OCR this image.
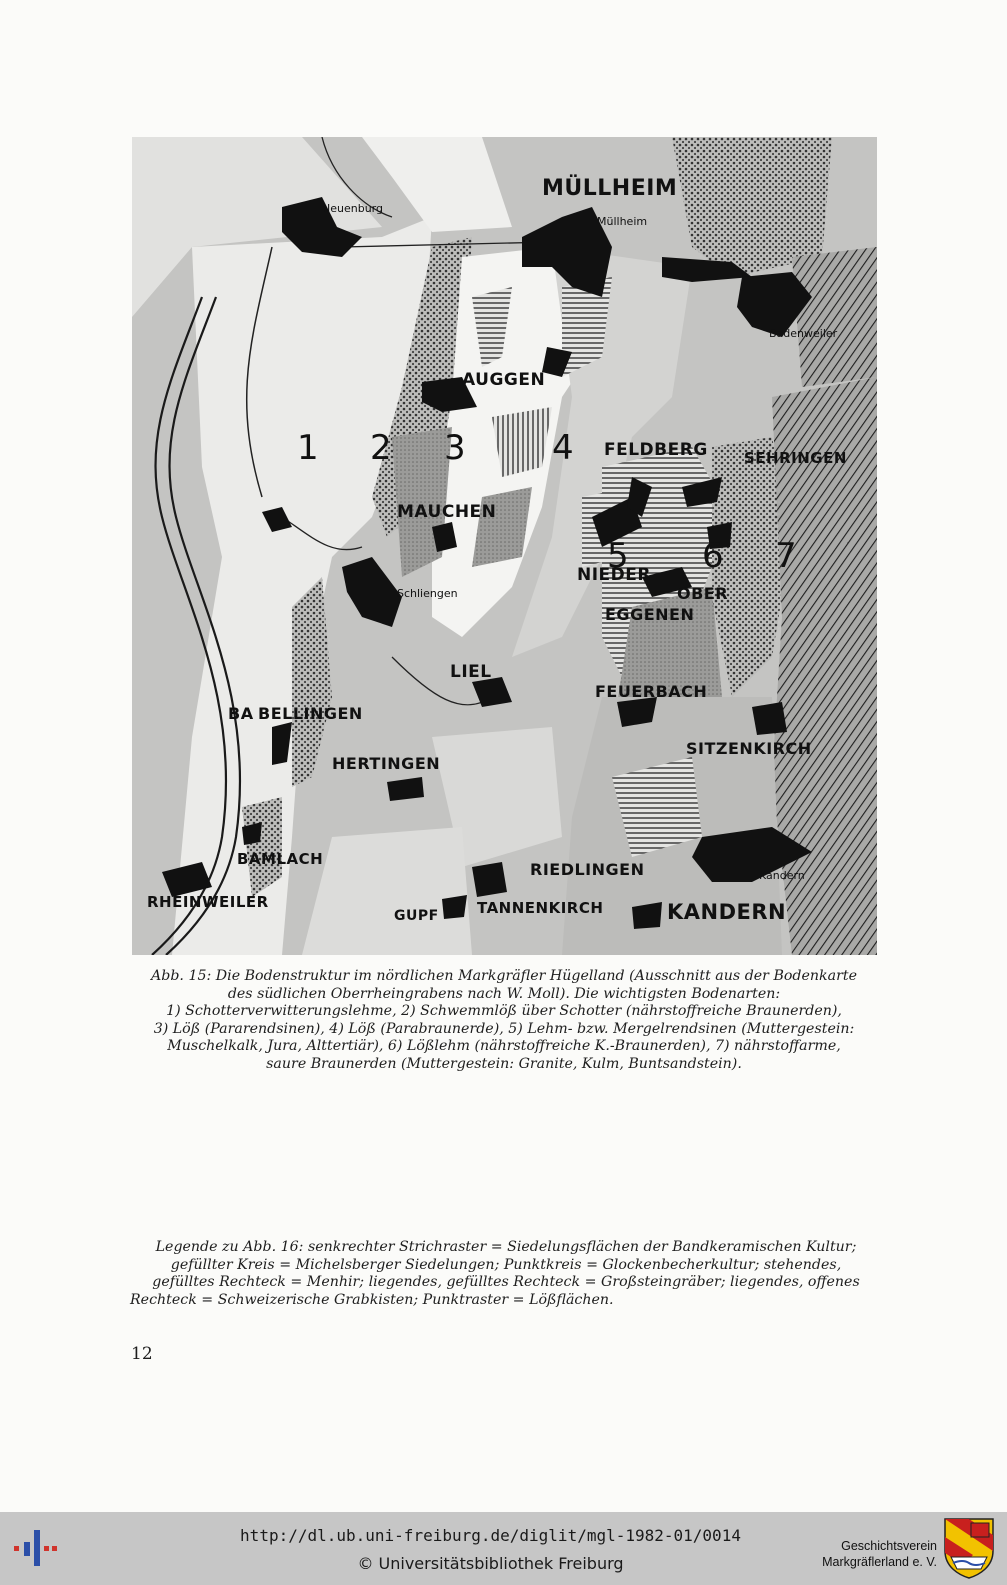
MÜLLHEIM
Müllheim
Neuenburg
Badenweiler
AUGGEN
FELDBERG SEHRINGEN
MAUCHEN
Schliengen
NIEDER
OBER
EGGENEN
LIEL
FEUERBACH
BA BELLINGEN
SITZENKIRCH
HERTINGEN
BAMLACH
RIEDLINGEN
RHEINWEILER
GUPF	TANNENKIRCH	KANDERN
Kandern
1 2 3	4
5 6 7
Abb. 15: Die Bodenstruktur im nördlichen Markgräfler Hügelland (Ausschnitt aus der Bodenkarte
des südlichen Oberrheingrabens nach W. Moll). Die wichtigsten Bodenarten:
1) Schotterverwitterungslehme, 2) Schwemmlöß über Schotter (nährstoffreiche Braunerden),
3) Löß (Pararendsinen), 4) Löß (Parabraunerde), 5) Lehm- bzw. Mergelrendsinen (Muttergestein:
Muschelkalk, Jura, Alttertiär), 6) Lößlehm (nährstoffreiche K.-Braunerden), 7) nährstoffarme,
saure Braunerden (Muttergestein: Granite, Kulm, Buntsandstein).
Legende zu Abb. 16: senkrechter Strichraster = Siedelungsflächen der Bandkeramischen Kultur;
gefüllter Kreis = Michelsberger Siedelungen; Punktkreis = Glockenbecherkultur; stehendes,
gefülltes Rechteck = Menhir; liegendes, gefülltes Rechteck = Großsteingräber; liegendes, offenes
Rechteck = Schweizerische Grabkisten; Punktraster = Lößflächen.
12
http://dl.ub.uni-freiburg.de/diglit/mgl-1982-01/0014
© Universitätsbibliothek Freiburg
Geschichtsverein
Markgräflerland e. V.
